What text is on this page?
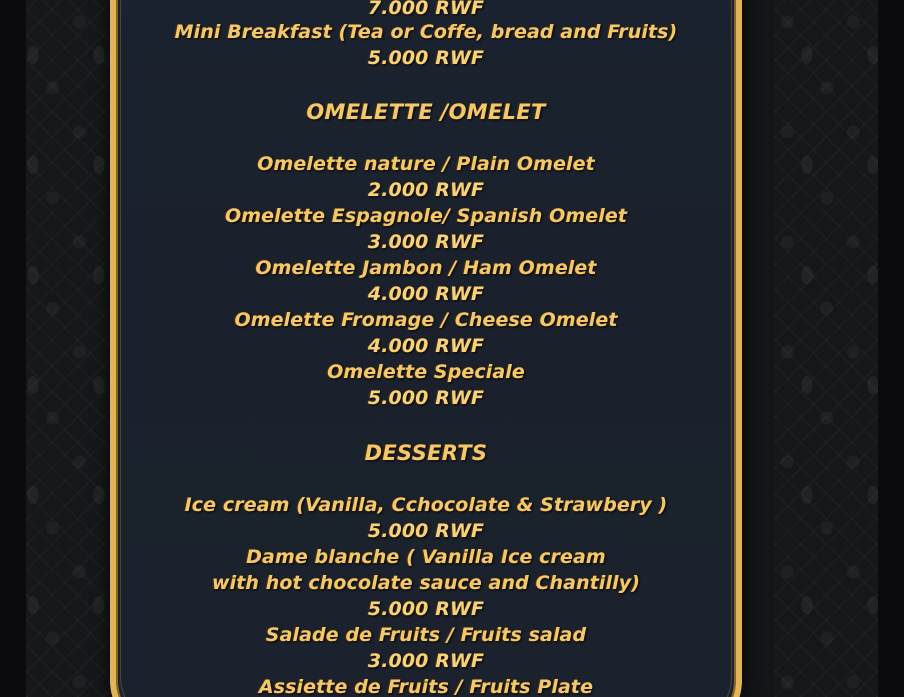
7.000 RWF
Mini Breakfast (Tea or Coffe, bread and Fruits)
5.000 RWF
OMELETTE /OMELET
Omelette nature / Plain Omelet
2.000 RWF
Omelette Espagnole/ Spanish Omelet
3.000 RWF
Omelette Jambon / Ham Omelet
4.000 RWF
Omelette Fromage / Cheese Omelet
4.000 RWF
Omelette Speciale
5.000 RWF
DESSERTS
Ice cream (Vanilla, Cchocolate & Strawbery )
5.000 RWF
Dame blanche ( Vanilla Ice cream
with hot chocolate sauce and Chantilly)
5.000 RWF
Salade de Fruits / Fruits salad
3.000 RWF
Assiette de Fruits / Fruits Plate
